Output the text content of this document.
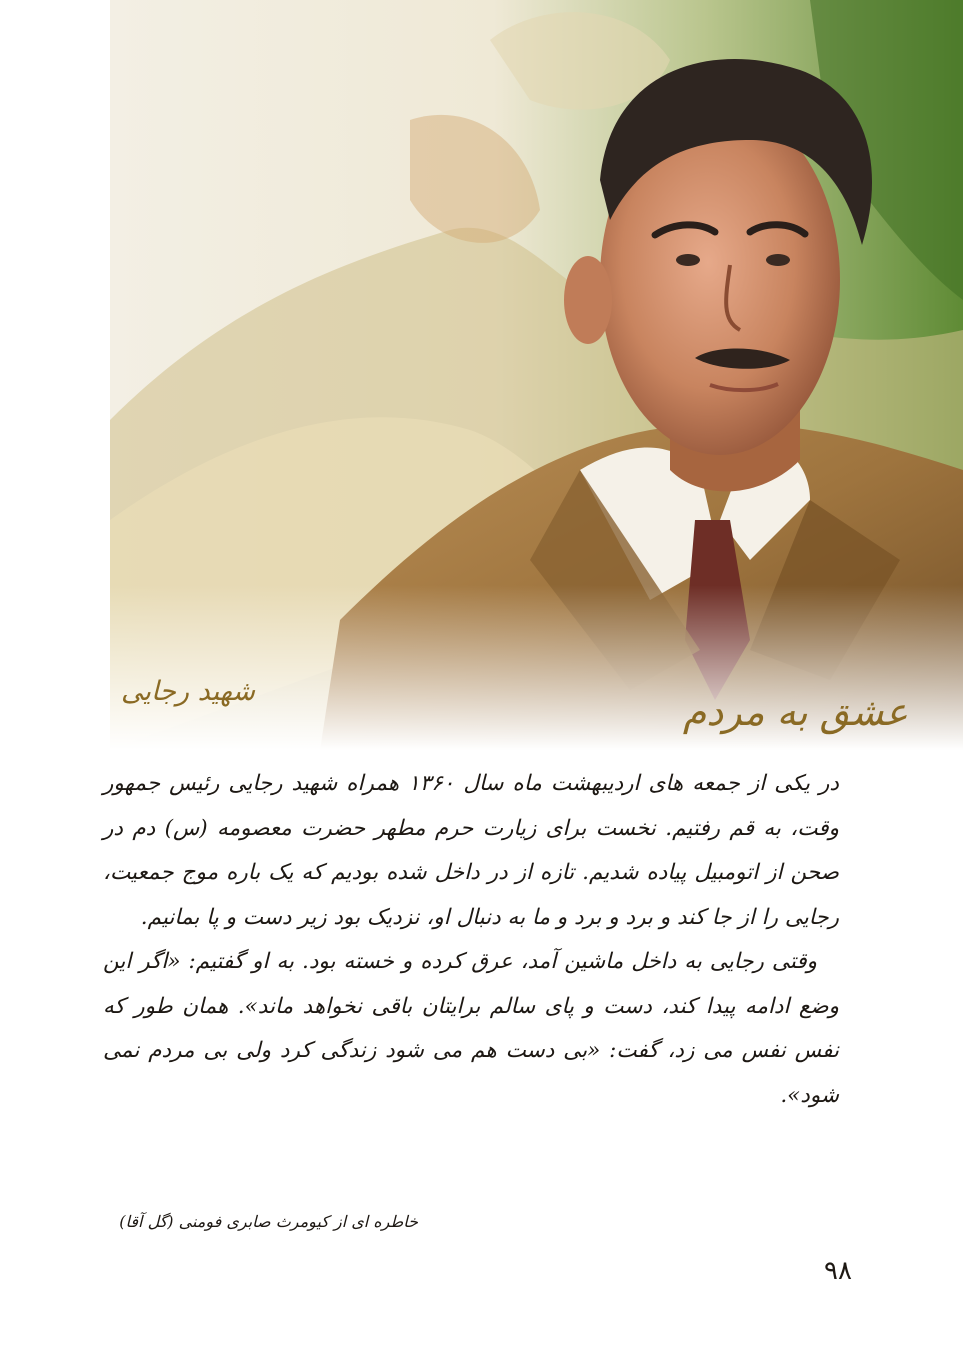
عشق به مردم
شهید رجایی

در یکی از جمعه های اردیبهشت ماه سال ۱۳۶۰ همراه شهید رجایی رئیس جمهور وقت، به قم رفتیم. نخست برای زیارت حرم مطهر حضرت معصومه (س) دم در صحن از اتومبیل پیاده شدیم. تازه از در داخل شده بودیم که یک باره موج جمعیت، رجایی را از جا کند و برد و برد و ما به دنبال او، نزدیک بود زیر دست و پا بمانیم.

وقتی رجایی به داخل ماشین آمد، عرق کرده و خسته بود. به او گفتیم: «اگر این وضع ادامه پیدا کند، دست و پای سالم برایتان باقی نخواهد ماند». همان طور که نفس نفس می زد، گفت: «بی دست هم می شود زندگی کرد ولی بی مردم نمی شود».

خاطره ای از کیومرث صابری فومنی (گل آقا)
۹۸
